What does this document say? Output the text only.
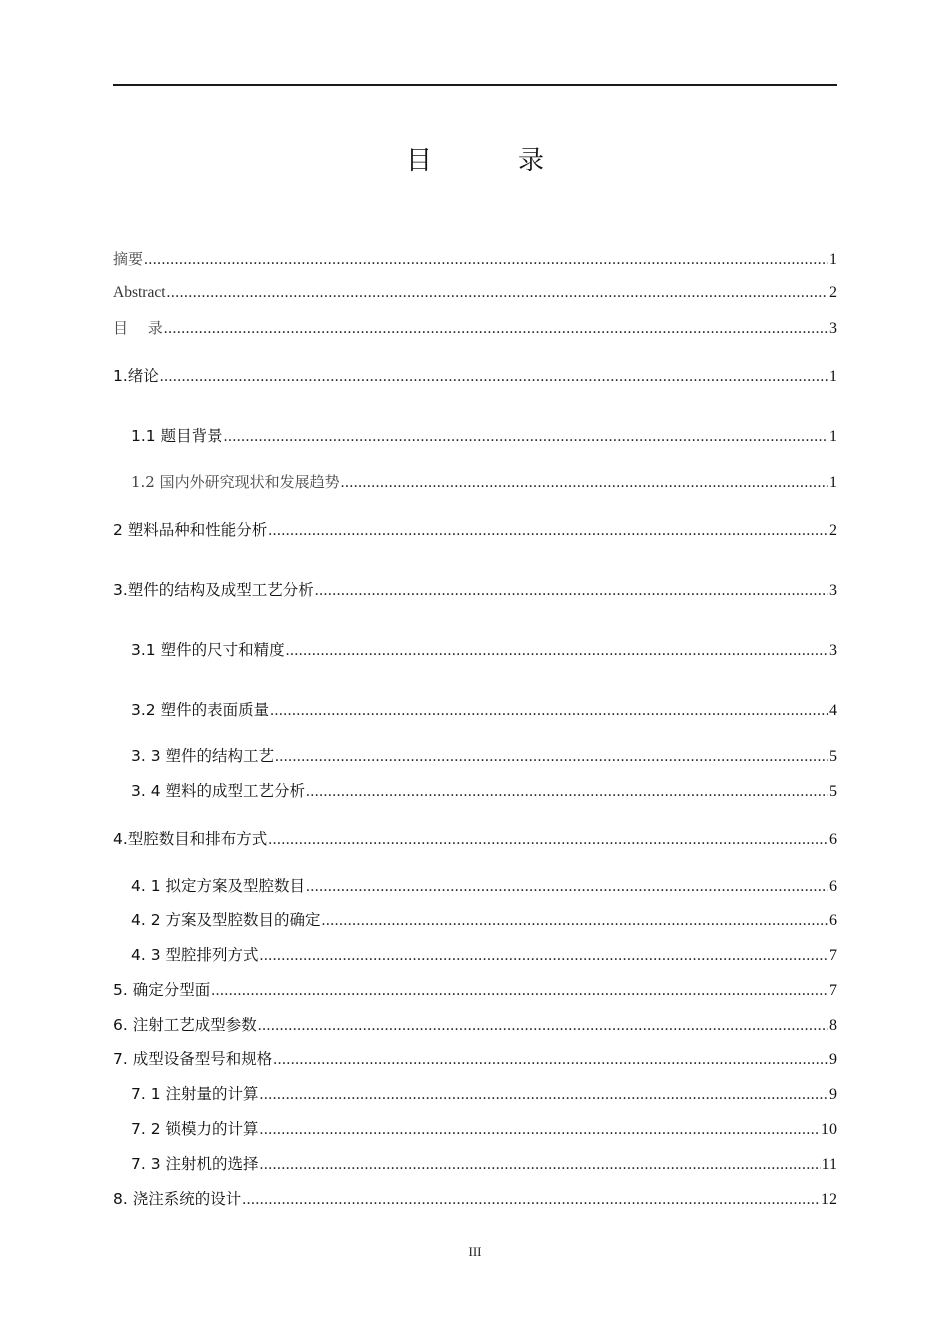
目　录
摘要 .....	1
Abstract .....	2
目　 录 .....	3
1.绪论 .....	1
1.1 题目背景 .....	1
1.2 国内外研究现状和发展趋势 .....	1
2 塑料品种和性能分析 .....	2
3.塑件的结构及成型工艺分析 .....	3
3.1 塑件的尺寸和精度 .....	3
3.2 塑件的表面质量 .....	4
3. 3 塑件的结构工艺 .....	5
3. 4 塑料的成型工艺分析 .....	5
4.型腔数目和排布方式 .....	6
4. 1 拟定方案及型腔数目 .....	6
4. 2 方案及型腔数目的确定 .....	6
4. 3 型腔排列方式 .....	7
5. 确定分型面 .....	7
6. 注射工艺成型参数 .....	8
7. 成型设备型号和规格 .....	9
7. 1 注射量的计算 .....	9
7. 2 锁模力的计算 .....	10
7. 3 注射机的选择 .....	11
8. 浇注系统的设计 .....	12
III
